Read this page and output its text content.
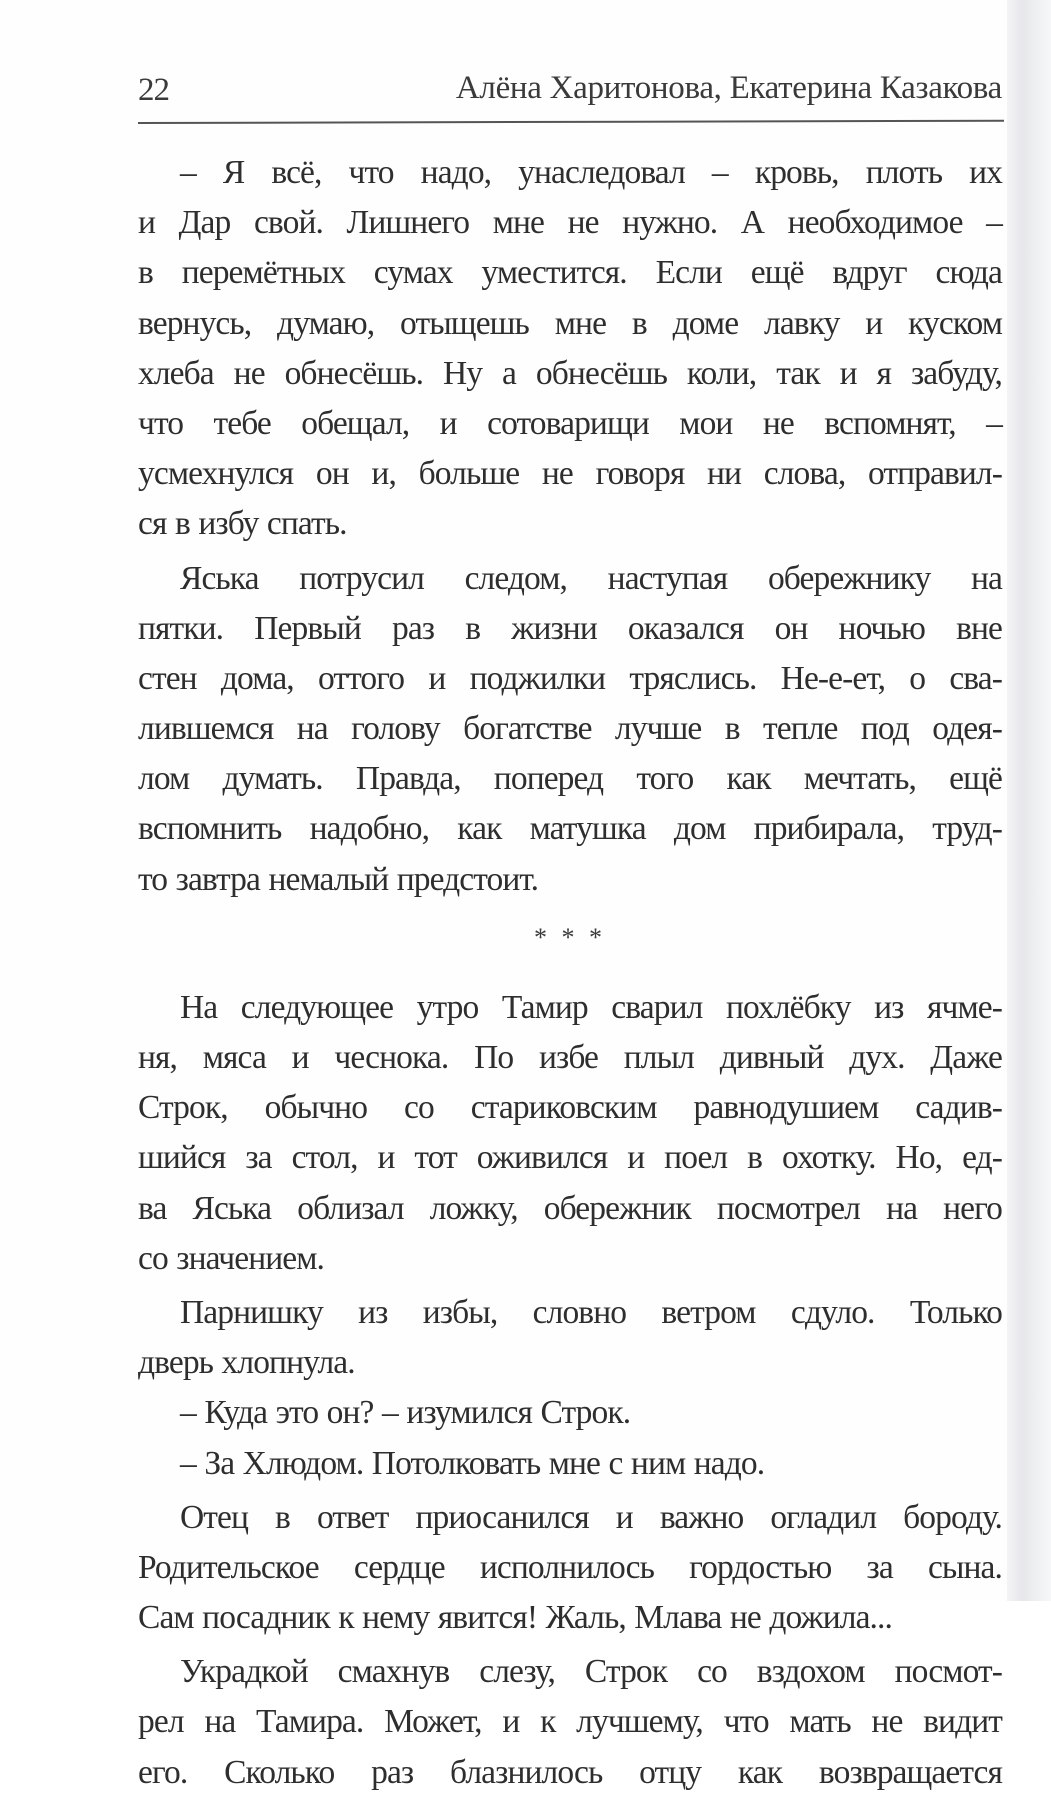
22	Алёна Харитонова, Екатерина Казакова
– Я всё, что надо, унаследовал – кровь, плоть их
и Дар свой. Лишнего мне не нужно. А необходимое –
в перемётных сумах уместится. Если ещё вдруг сюда
вернусь, думаю, отыщешь мне в доме лавку и куском
хлеба не обнесёшь. Ну а обнесёшь коли, так и я забуду,
что тебе обещал, и сотоварищи мои не вспомнят, –
усмехнулся он и, больше не говоря ни слова, отправил-
ся в избу спать.
Яська потрусил следом, наступая обережнику на
пятки. Первый раз в жизни оказался он ночью вне
стен дома, оттого и поджилки тряслись. Не-е-ет, о сва-
лившемся на голову богатстве лучше в тепле под одея-
лом думать. Правда, поперед того как мечтать, ещё
вспомнить надобно, как матушка дом прибирала, труд-
то завтра немалый предстоит.
* * *
На следующее утро Тамир сварил похлёбку из ячме-
ня, мяса и чеснока. По избе плыл дивный дух. Даже
Строк, обычно со стариковским равнодушием садив-
шийся за стол, и тот оживился и поел в охотку. Но, ед-
ва Яська облизал ложку, обережник посмотрел на него
со значением.
Парнишку из избы, словно ветром сдуло. Только
дверь хлопнула.
– Куда это он? – изумился Строк.
– За Хлюдом. Потолковать мне с ним надо.
Отец в ответ приосанился и важно огладил бороду.
Родительское сердце исполнилось гордостью за сына.
Сам посадник к нему явится! Жаль, Млава не дожила...
Украдкой смахнув слезу, Строк со вздохом посмот-
рел на Тамира. Может, и к лучшему, что мать не видит
его. Сколько раз блазнилось отцу как возвращается
